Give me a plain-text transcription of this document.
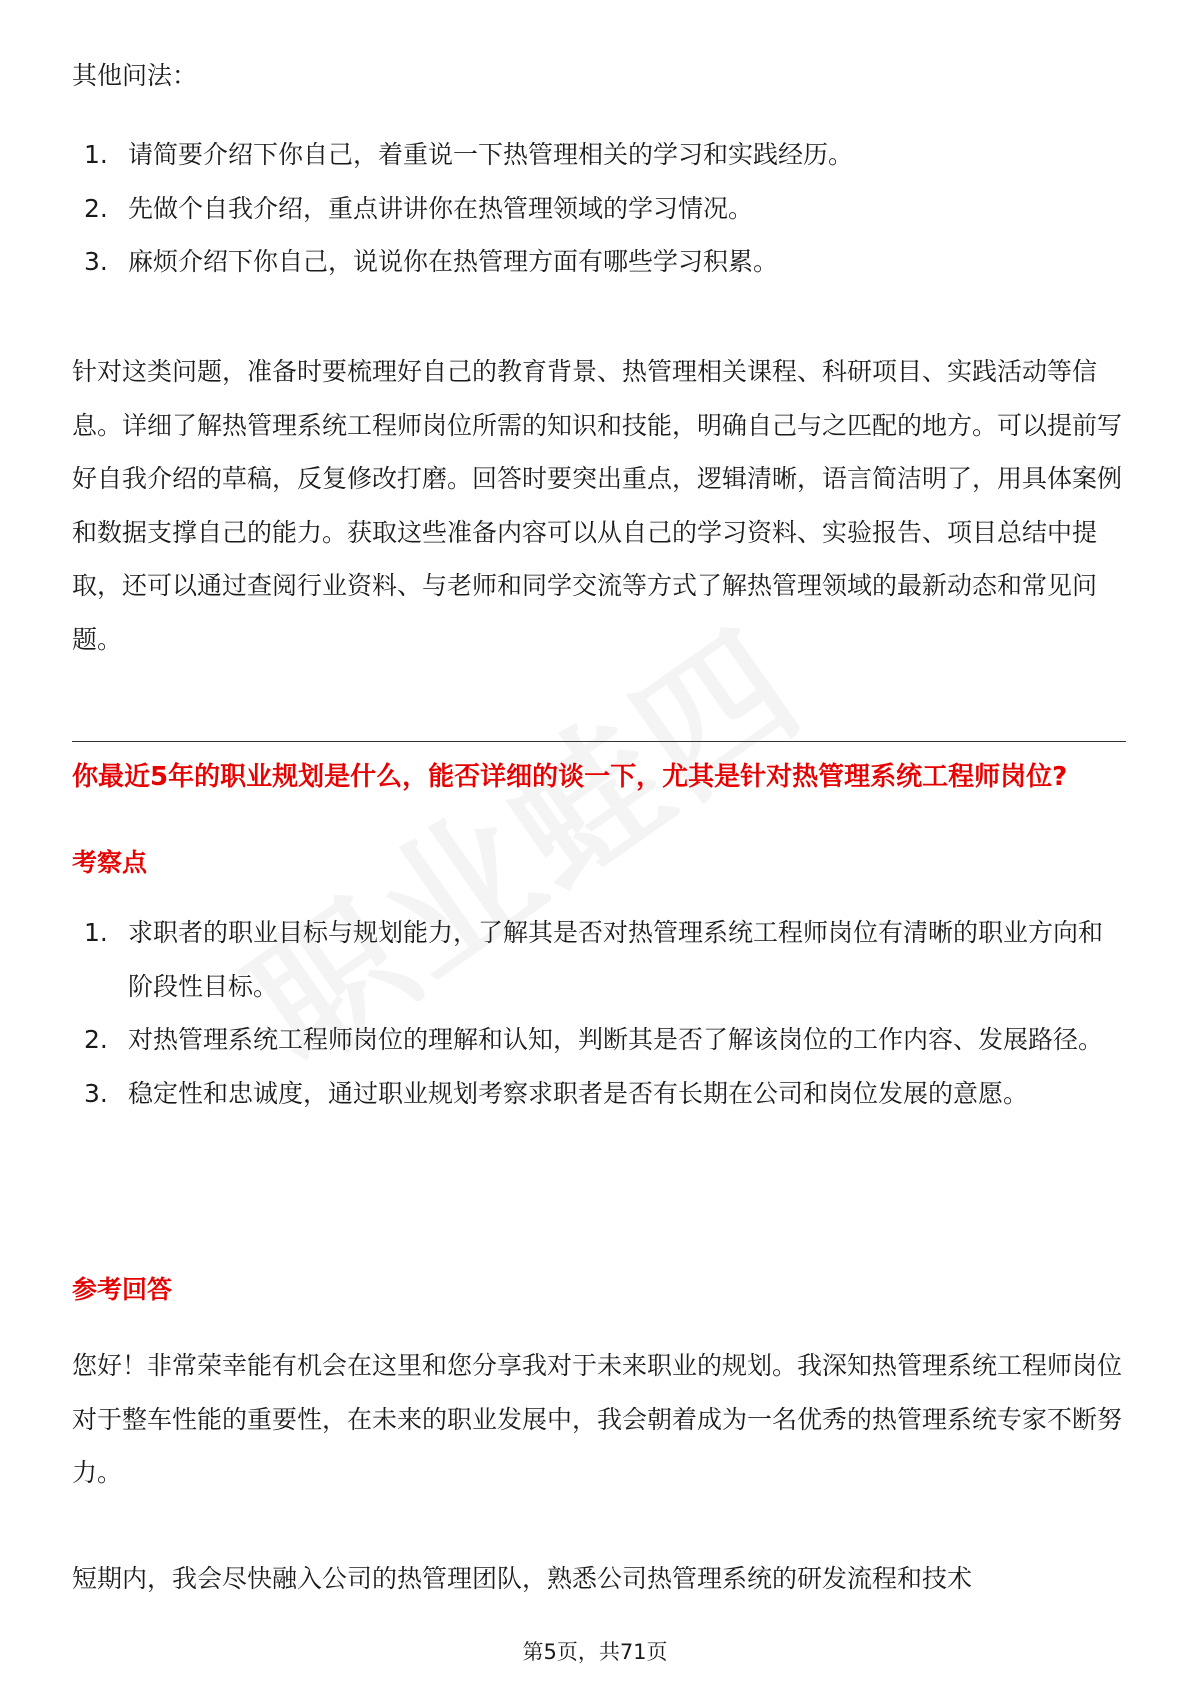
其他问法：
1. 请简要介绍下你自己，着重说一下热管理相关的学习和实践经历。
2. 先做个自我介绍，重点讲讲你在热管理领域的学习情况。
3. 麻烦介绍下你自己，说说你在热管理方面有哪些学习积累。

针对这类问题，准备时要梳理好自己的教育背景、热管理相关课程、科研项目、实践活动等信息。详细了解热管理系统工程师岗位所需的知识和技能，明确自己与之匹配的地方。可以提前写好自我介绍的草稿，反复修改打磨。回答时要突出重点，逻辑清晰，语言简洁明了，用具体案例和数据支撑自己的能力。获取这些准备内容可以从自己的学习资料、实验报告、项目总结中提取，还可以通过查阅行业资料、与老师和同学交流等方式了解热管理领域的最新动态和常见问题。

你最近5年的职业规划是什么，能否详细的谈一下，尤其是针对热管理系统工程师岗位?
考察点
1. 求职者的职业目标与规划能力，了解其是否对热管理系统工程师岗位有清晰的职业方向和阶段性目标。
2. 对热管理系统工程师岗位的理解和认知，判断其是否了解该岗位的工作内容、发展路径。
3. 稳定性和忠诚度，通过职业规划考察求职者是否有长期在公司和岗位发展的意愿。
参考回答

您好！非常荣幸能有机会在这里和您分享我对于未来职业的规划。我深知热管理系统工程师岗位对于整车性能的重要性，在未来的职业发展中，我会朝着成为一名优秀的热管理系统专家不断努力。

短期内，我会尽快融入公司的热管理团队，熟悉公司热管理系统的研发流程和技术

第5页，共71页
